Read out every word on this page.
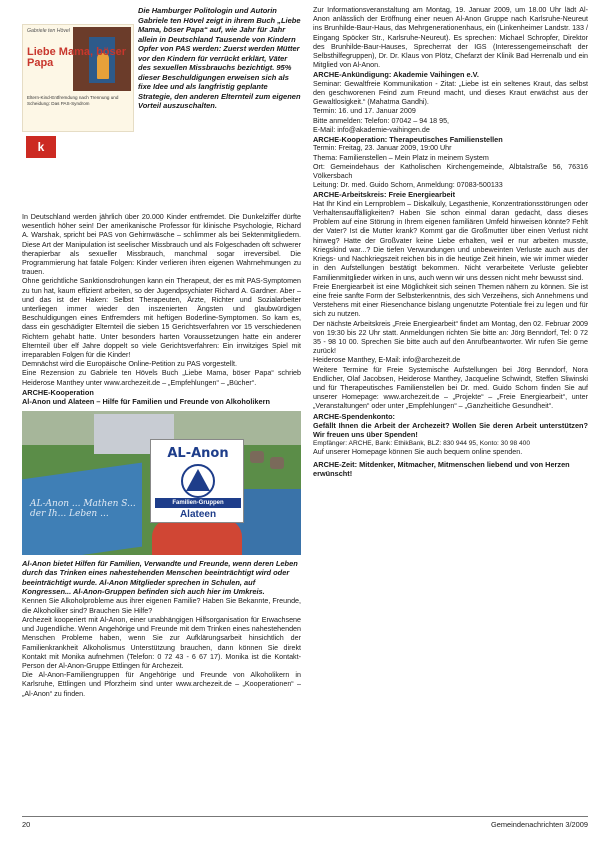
Gabriele ten Hövel
Liebe Mama, böser Papa
Eltern-Kind-Entfremdung nach Trennung und Scheidung: Das PAS-Syndrom
k
Die Hamburger Politologin und Autorin Gabriele ten Hövel zeigt in ihrem Buch „Liebe Mama, böser Papa“ auf, wie Jahr für Jahr allein in Deutschland Tausende von Kindern Opfer von PAS werden: Zuerst werden Mütter vor den Kindern für verrückt erklärt, Väter des sexuellen Missbrauchs bezichtigt. 95% dieser Beschuldigungen erweisen sich als fixe Idee und als langfristig geplante Strategie, den anderen Elternteil zum eigenen Vorteil auszuschalten.

In Deutschland werden jährlich über 20.000 Kinder entfremdet. Die Dunkelziffer dürfte wesentlich höher sein! Der amerikanische Professor für klinische Psychologie, Richard A. Warshak, spricht bei PAS von Gehirnwäsche – schlimmer als bei Sektenmitgliedern. Diese Art der Manipulation ist seelischer Missbrauch und als Folgeschaden oft schwerer therapierbar als sexueller Missbrauch, manchmal sogar irreversibel. Die Programmierung hat fatale Folgen: Kinder verlieren ihren eigenen Wahrnehmungen zu trauen.

Ohne gerichtliche Sanktionsdrohungen kann ein Therapeut, der es mit PAS-Symptomen zu tun hat, kaum effizient arbeiten, so der Jugendpsychiater Richard A. Gardner. Aber – und das ist der Haken: Selbst Therapeuten, Ärzte, Richter und Sozialarbeiter unterliegen immer wieder den inszenierten Ängsten und glaubwürdigen Beschuldigungen eines Entfremders mit heftigen Boderline-Symptomen. So kam es, dass ein geschädigter Elternteil die sieben 15 Gerichtsverfahren vor 15 verschiedenen Richtern gehabt hatte. Unter besonders harten Voraussetzungen hatte ein anderer Elternteil über elf Jahre doppelt so viele Gerichtsverfahren: Ein irrwitziges Spiel mit irreparablen Folgen für die Kinder!

Demnächst wird die Europäische Online-Petition zu PAS vorgestellt.

Eine Rezension zu Gabriele ten Hövels Buch „Liebe Mama, böser Papa“ schrieb Heiderose Manthey unter www.archezeit.de – „Empfehlungen“ – „Bücher“.

ARCHE-Kooperation
Al-Anon und Alateen – Hilfe für Familien und Freunde von Alkoholikern
AL-Anon ... Mathen S... der Ih... Leben ...
AL-Anon
Familien-Gruppen
Alateen
Al-Anon bietet Hilfen für Familien, Verwandte und Freunde, wenn deren Leben durch das Trinken eines nahestehenden Menschen beeinträchtigt wird oder beeinträchtigt wurde. Al-Anon Mitglieder sprechen in Schulen, auf Kongressen... Al-Anon-Gruppen befinden sich auch hier im Umkreis.

Kennen Sie Alkoholprobleme aus ihrer eigenen Familie? Haben Sie Bekannte, Freunde, die Alkoholiker sind? Brauchen Sie Hilfe?

Archezeit kooperiert mit Al-Anon, einer unabhängigen Hilfsorganisation für Erwachsene und Jugendliche. Wenn Angehörige und Freunde mit dem Trinken eines nahestehenden Menschen Probleme haben, wenn Sie zur Aufklärungsarbeit hinsichtlich der Familienkrankheit Alkoholismus Unterstützung brauchen, dann können Sie direkt Kontakt mit Monika aufnehmen (Telefon: 0 72 43 - 6 67 17). Monika ist die Kontakt-Person der Al-Anon-Gruppe Ettlingen für Archezeit.

Die Al-Anon-Familiengruppen für Angehörige und Freunde von Alkoholikern in Karlsruhe, Ettlingen und Pforzheim sind unter www.archezeit.de – „Kooperationen“ – „Al-Anon“ zu finden.

Zur Informationsveranstaltung am Montag, 19. Januar 2009, um 18.00 Uhr lädt Al-Anon anlässlich der Eröffnung einer neuen Al-Anon Gruppe nach Karlsruhe-Neureut ins Brunhilde-Baur-Haus, das Mehrgenerationenhaus, ein (Linkenheimer Landstr. 133 / Eingang Spöcker Str., Karlsruhe-Neureut). Es sprechen: Michael Schropfer, Direktor des Brunhilde-Baur-Hauses, Sprecherrat der IGS (Interessengemeinschaft der Selbsthilfegruppen), Dr. Dr. Klaus von Plötz, Chefarzt der Klinik Bad Herrenalb und ein Mitglied von Al-Anon.

ARCHE-Ankündigung: Akademie Vaihingen e.V.

Seminar: Gewaltfreie Kommunikation - Zitat: „Liebe ist ein seltenes Kraut, das selbst den geschworenen Feind zum Freund macht, und dieses Kraut erwächst aus der Gewaltlosigkeit.“ (Mahatma Gandhi).

Termin: 16. und 17. Januar 2009

Bitte anmelden: Telefon: 07042 – 94 18 95,

E-Mail: info@akademie-vaihingen.de

ARCHE-Kooperation: Therapeutisches Familienstellen

Termin: Freitag, 23. Januar 2009, 19:00 Uhr

Thema: Familienstellen – Mein Platz in meinem System

Ort: Gemeindehaus der Katholischen Kirchengemeinde, Albtalstraße 56, 76316 Völkersbach

Leitung: Dr. med. Guido Schorn, Anmeldung: 07083-500133

ARCHE-Arbeitskreis: Freie Energiearbeit

Hat Ihr Kind ein Lernproblem – Diskalkuly, Legasthenie, Konzentrationsstörungen oder Verhaltensauffälligkeiten? Haben Sie schon einmal daran gedacht, dass dieses Problem auf eine Störung in Ihrem eigenen familiären Umfeld hinweisen könnte? Fehlt der Vater? Ist die Mutter krank? Kommt gar die Großmutter über einen Verlust nicht hinweg? Hatte der Großvater keine Liebe erhalten, weil er nur arbeiten musste, Kriegskind war...? Die tiefen Verwundungen und unbeweinten Verluste auch aus der Kriegs- und Nachkriegszeit reichen bis in die heutige Zeit hinein, wie wir immer wieder in den Aufstellungen bestätigt bekommen. Nicht verarbeitete Verluste geliebter Familienmitglieder wirken in uns, auch wenn wir uns dessen nicht mehr bewusst sind.

Freie Energiearbeit ist eine Möglichkeit sich seinen Themen nähern zu können. Sie ist eine freie sanfte Form der Selbsterkenntnis, des sich Verzeihens, sich Annehmens und Verstehens mit einer Riesenchance bislang ungenutzte Potentiale frei zu legen und für sich zu nutzen.

Der nächste Arbeitskreis „Freie Energiearbeit“ findet am Montag, den 02. Februar 2009 von 19:30 bis 22 Uhr statt. Anmeldungen richten Sie bitte an: Jörg Benndorf, Tel: 0 72 35 - 98 10 00. Sprechen Sie bitte auch auf den Anrufbeantworter. Wir rufen Sie gerne zurück!

Heiderose Manthey, E-Mail: info@archezeit.de

Weitere Termine für Freie Systemische Aufstellungen bei Jörg Benndorf, Nora Endlicher, Olaf Jacobsen, Heiderose Manthey, Jacqueline Schwindt, Steffen Sliwinski und für Therapeutisches Familienstellen bei Dr. med. Guido Schorn finden Sie auf unserer Homepage: www.archezeit.de – „Projekte“ – „Freie Energiearbeit“, unter „Veranstaltungen“ oder unter „Empfehlungen“ – „Ganzheitliche Gesundheit“.

ARCHE-Spendenkonto:
Gefällt Ihnen die Arbeit der Archezeit? Wollen Sie deren Arbeit unterstützen? Wir freuen uns über Spenden!

Empfänger: ARCHE, Bank: EthikBank, BLZ: 830 944 95, Konto: 30 98 400

Auf unserer Homepage können Sie auch bequem online spenden.

ARCHE-Zeit: Mitdenker, Mitmacher, Mitmenschen liebend und von Herzen erwünscht!
20	Gemeindenachrichten 3/2009
